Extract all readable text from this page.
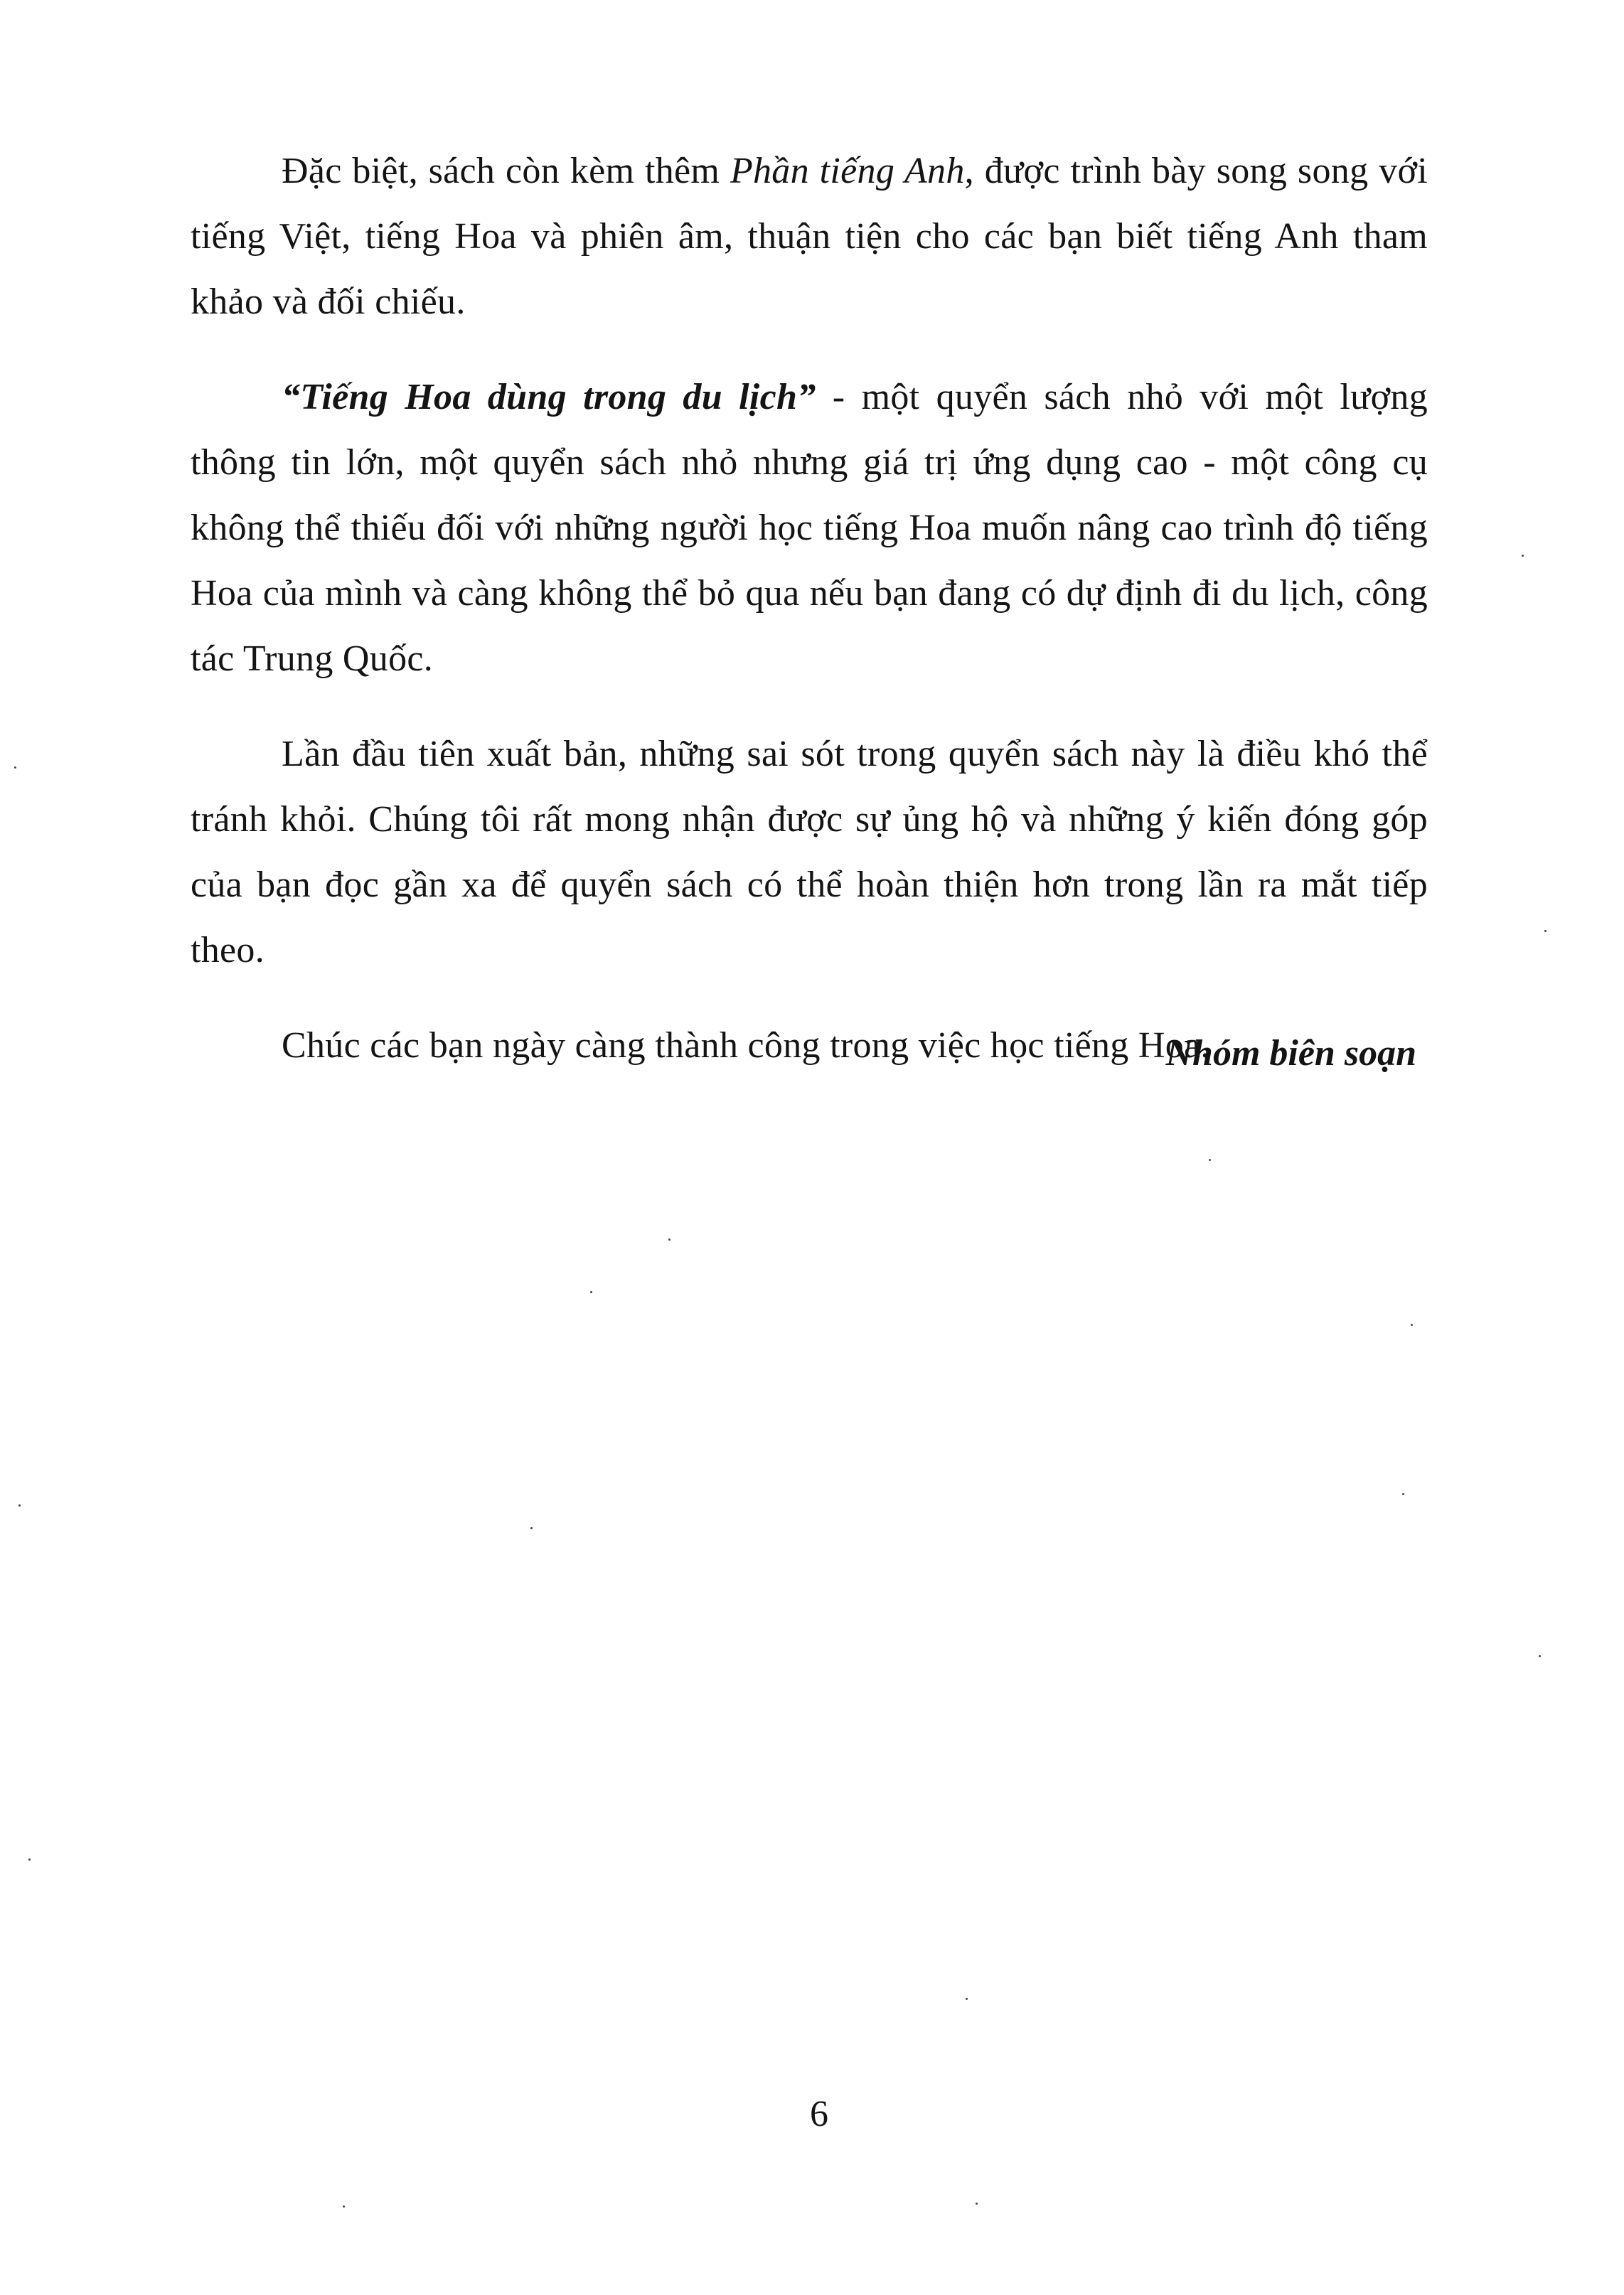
Đặc biệt, sách còn kèm thêm Phần tiếng Anh, được trình bày song song với tiếng Việt, tiếng Hoa và phiên âm, thuận tiện cho các bạn biết tiếng Anh tham khảo và đối chiếu.

“Tiếng Hoa dùng trong du lịch” - một quyển sách nhỏ với một lượng thông tin lớn, một quyển sách nhỏ nhưng giá trị ứng dụng cao - một công cụ không thể thiếu đối với những người học tiếng Hoa muốn nâng cao trình độ tiếng Hoa của mình và càng không thể bỏ qua nếu bạn đang có dự định đi du lịch, công tác Trung Quốc.

Lần đầu tiên xuất bản, những sai sót trong quyển sách này là điều khó thể tránh khỏi. Chúng tôi rất mong nhận được sự ủng hộ và những ý kiến đóng góp của bạn đọc gần xa để quyển sách có thể hoàn thiện hơn trong lần ra mắt tiếp theo.

Chúc các bạn ngày càng thành công trong việc học tiếng Hoa.

Nhóm biên soạn
6
